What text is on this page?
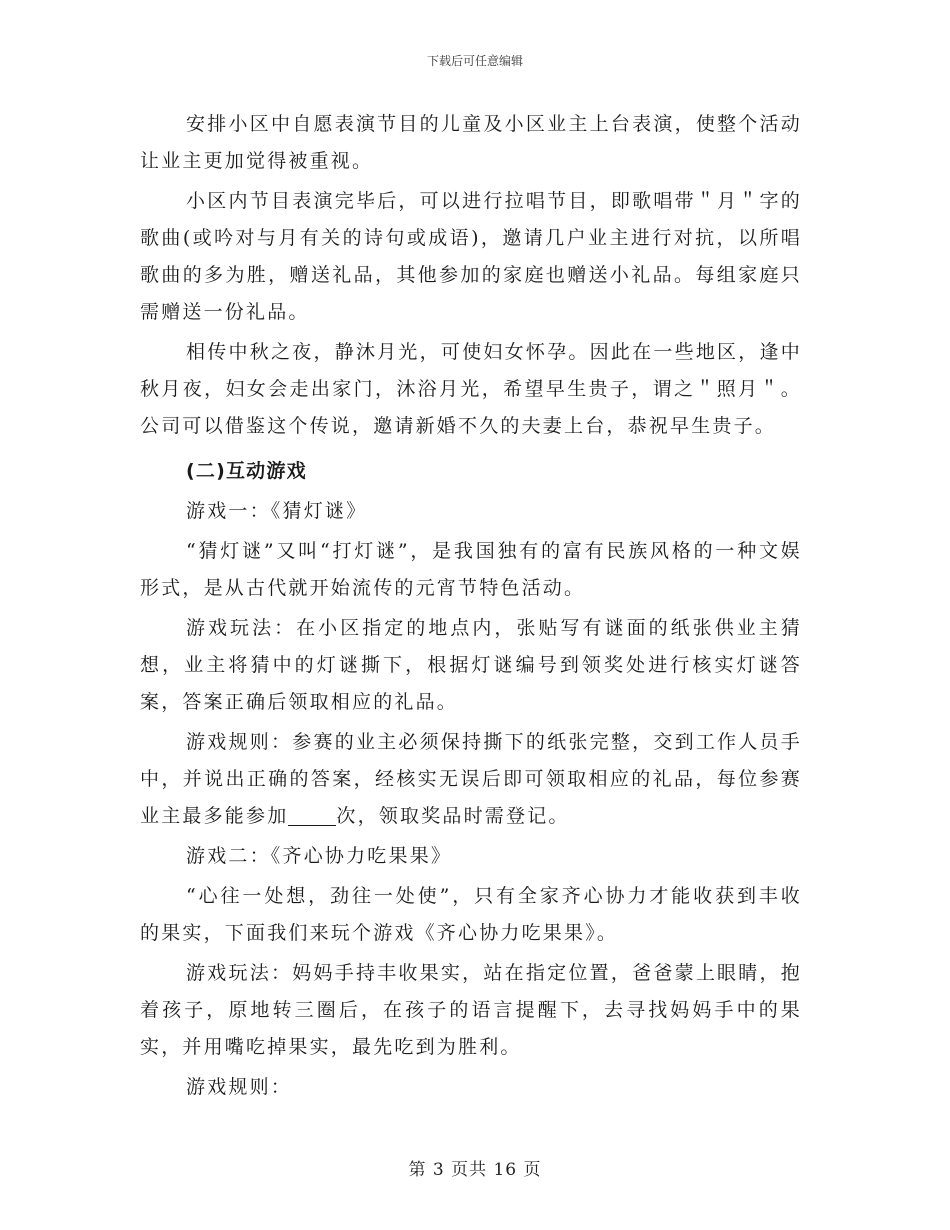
下载后可任意编辑

安排小区中自愿表演节目的儿童及小区业主上台表演，使整个活动让业主更加觉得被重视。

小区内节目表演完毕后，可以进行拉唱节目，即歌唱带＂月＂字的歌曲(或吟对与月有关的诗句或成语)，邀请几户业主进行对抗，以所唱歌曲的多为胜，赠送礼品，其他参加的家庭也赠送小礼品。每组家庭只需赠送一份礼品。

相传中秋之夜，静沐月光，可使妇女怀孕。因此在一些地区，逢中秋月夜，妇女会走出家门，沐浴月光，希望早生贵子，谓之＂照月＂。公司可以借鉴这个传说，邀请新婚不久的夫妻上台，恭祝早生贵子。

(二)互动游戏

游戏一：《猜灯谜》

“猜灯谜”又叫“打灯谜”，是我国独有的富有民族风格的一种文娱形式，是从古代就开始流传的元宵节特色活动。

游戏玩法：在小区指定的地点内，张贴写有谜面的纸张供业主猜想，业主将猜中的灯谜撕下，根据灯谜编号到领奖处进行核实灯谜答案，答案正确后领取相应的礼品。

游戏规则：参赛的业主必须保持撕下的纸张完整，交到工作人员手中，并说出正确的答案，经核实无误后即可领取相应的礼品，每位参赛业主最多能参加	次，领取奖品时需登记。

游戏二：《齐心协力吃果果》

“心往一处想，劲往一处使”，只有全家齐心协力才能收获到丰收的果实，下面我们来玩个游戏《齐心协力吃果果》。

游戏玩法：妈妈手持丰收果实，站在指定位置，爸爸蒙上眼睛，抱着孩子，原地转三圈后，在孩子的语言提醒下，去寻找妈妈手中的果实，并用嘴吃掉果实，最先吃到为胜利。

游戏规则：

第 3 页共 16 页
